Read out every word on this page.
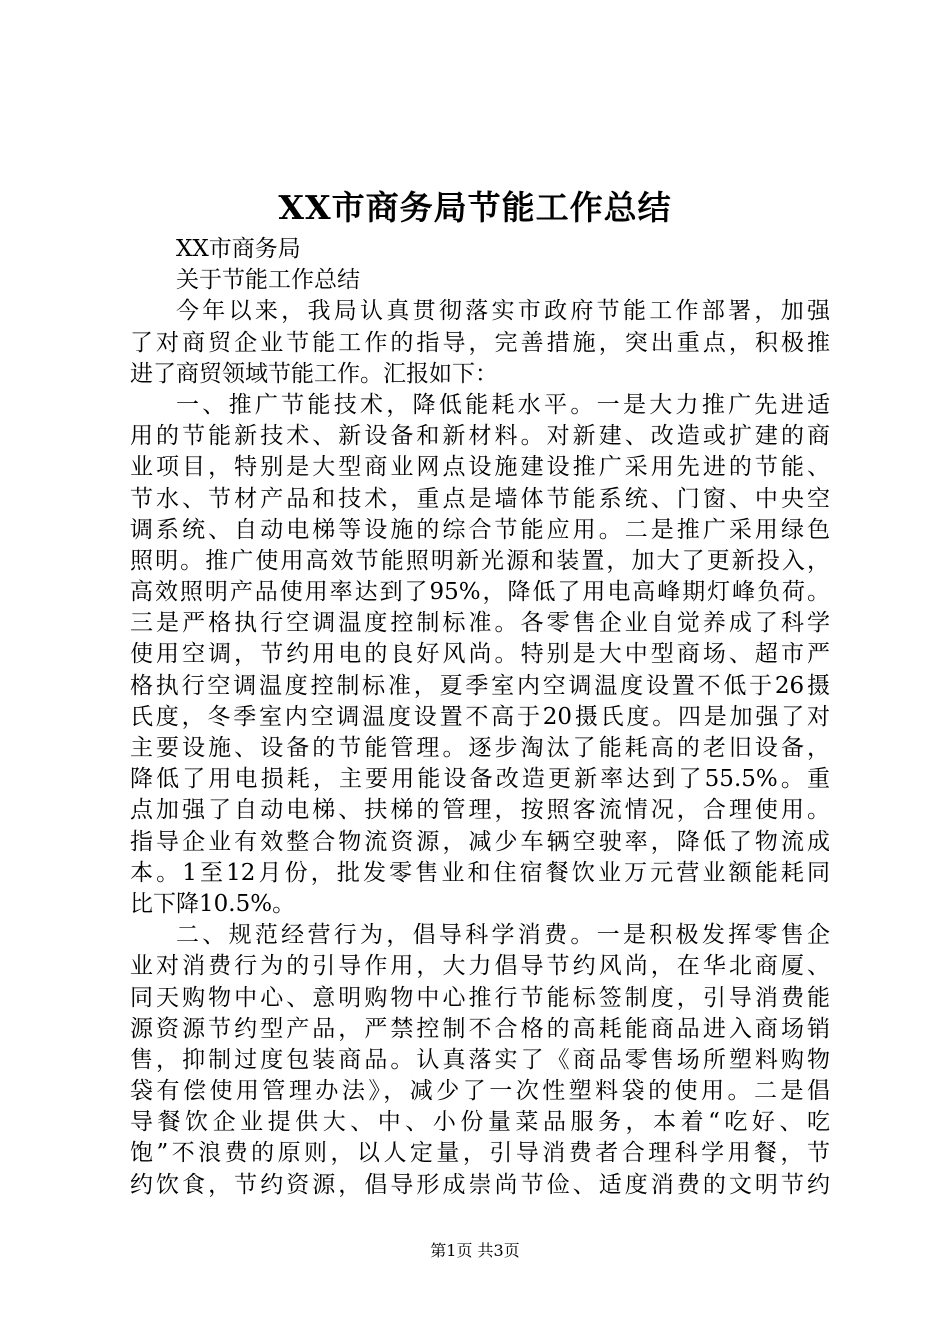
XX市商务局节能工作总结
XX市商务局
关于节能工作总结
今年以来，我局认真贯彻落实市政府节能工作部署，加强
了对商贸企业节能工作的指导，完善措施，突出重点，积极推
进了商贸领域节能工作。汇报如下：
一、推广节能技术，降低能耗水平。一是大力推广先进适
用的节能新技术、新设备和新材料。对新建、改造或扩建的商
业项目，特别是大型商业网点设施建设推广采用先进的节能、
节水、节材产品和技术，重点是墙体节能系统、门窗、中央空
调系统、自动电梯等设施的综合节能应用。二是推广采用绿色
照明。推广使用高效节能照明新光源和装置，加大了更新投入，
高效照明产品使用率达到了95%，降低了用电高峰期灯峰负荷。
三是严格执行空调温度控制标准。各零售企业自觉养成了科学
使用空调，节约用电的良好风尚。特别是大中型商场、超市严
格执行空调温度控制标准，夏季室内空调温度设置不低于26摄
氏度，冬季室内空调温度设置不高于20摄氏度。四是加强了对
主要设施、设备的节能管理。逐步淘汰了能耗高的老旧设备，
降低了用电损耗，主要用能设备改造更新率达到了55.5%。重
点加强了自动电梯、扶梯的管理，按照客流情况，合理使用。
指导企业有效整合物流资源，减少车辆空驶率，降低了物流成
本。1至12月份，批发零售业和住宿餐饮业万元营业额能耗同
比下降10.5%。
二、规范经营行为，倡导科学消费。一是积极发挥零售企
业对消费行为的引导作用，大力倡导节约风尚，在华北商厦、
同天购物中心、意明购物中心推行节能标签制度，引导消费能
源资源节约型产品，严禁控制不合格的高耗能商品进入商场销
售，抑制过度包装商品。认真落实了《商品零售场所塑料购物
袋有偿使用管理办法》，减少了一次性塑料袋的使用。二是倡
导餐饮企业提供大、中、小份量菜品服务，本着“吃好、吃
饱”不浪费的原则，以人定量，引导消费者合理科学用餐，节
约饮食，节约资源，倡导形成崇尚节俭、适度消费的文明节约
第1页 共3页
